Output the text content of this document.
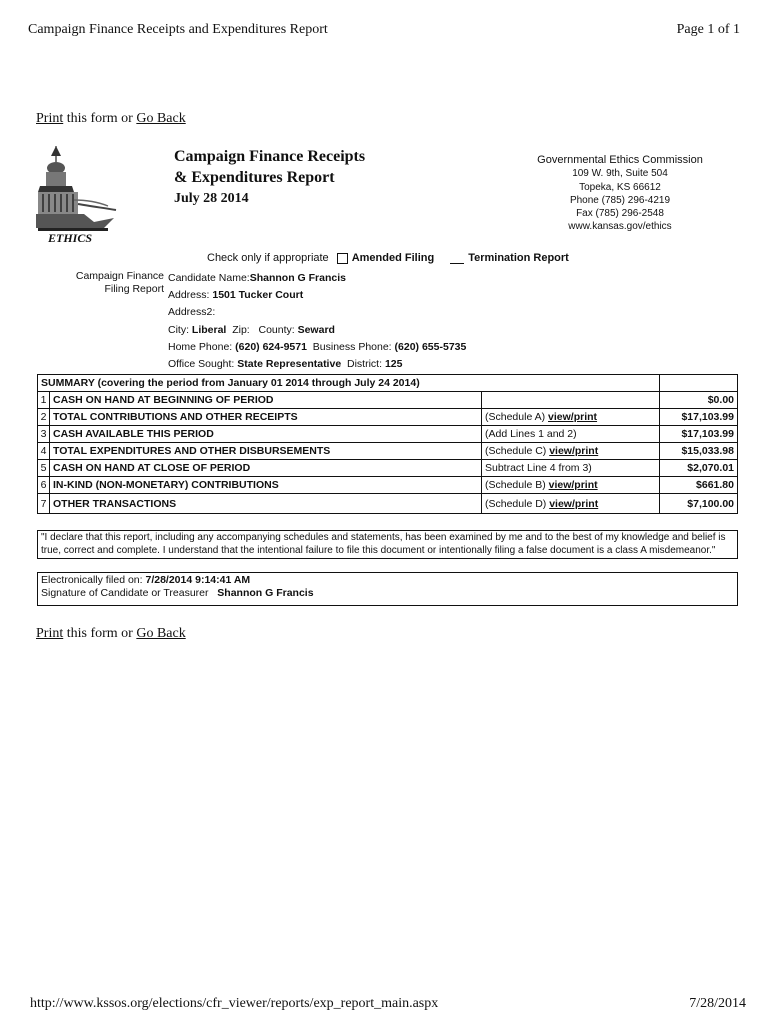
Campaign Finance Receipts and Expenditures Report	Page 1 of 1
Print this form or Go Back
ETHICS
Campaign Finance Receipts
& Expenditures Report
July 28 2014
Governmental Ethics Commission
109 W. 9th, Suite 504
Topeka, KS 66612
Phone (785) 296-4219
Fax (785) 296-2548
www.kansas.gov/ethics
Check only if appropriate Amended Filing	Termination Report
Campaign Finance
Filing Report
Candidate Name:Shannon G Francis
Address: 1501 Tucker Court
Address2:
City: Liberal Zip: County: Seward
Home Phone: (620) 624-9571 Business Phone: (620) 655-5735
Office Sought: State Representative District: 125
SUMMARY (covering the period from January 01 2014 through July 24 2014)			
1	CASH ON HAND AT BEGINNING OF PERIOD		$0.00
2	TOTAL CONTRIBUTIONS AND OTHER RECEIPTS	(Schedule A) view/print	$17,103.99
3	CASH AVAILABLE THIS PERIOD	(Add Lines 1 and 2)	$17,103.99
4	TOTAL EXPENDITURES AND OTHER DISBURSEMENTS	(Schedule C) view/print	$15,033.98
5	CASH ON HAND AT CLOSE OF PERIOD	Subtract Line 4 from 3)	$2,070.01
6	IN-KIND (NON-MONETARY) CONTRIBUTIONS	(Schedule B) view/print	$661.80
7	OTHER TRANSACTIONS	(Schedule D) view/print	$7,100.00
"I declare that this report, including any accompanying schedules and statements, has been examined by me and to the best of my knowledge and belief is true, correct and complete. I understand that the intentional failure to file this document or intentionally filing a false document is a class A misdemeanor."
Electronically filed on: 7/28/2014 9:14:41 AM
Signature of Candidate or Treasurer Shannon G Francis
Print this form or Go Back
http://www.kssos.org/elections/cfr_viewer/reports/exp_report_main.aspx	7/28/2014
